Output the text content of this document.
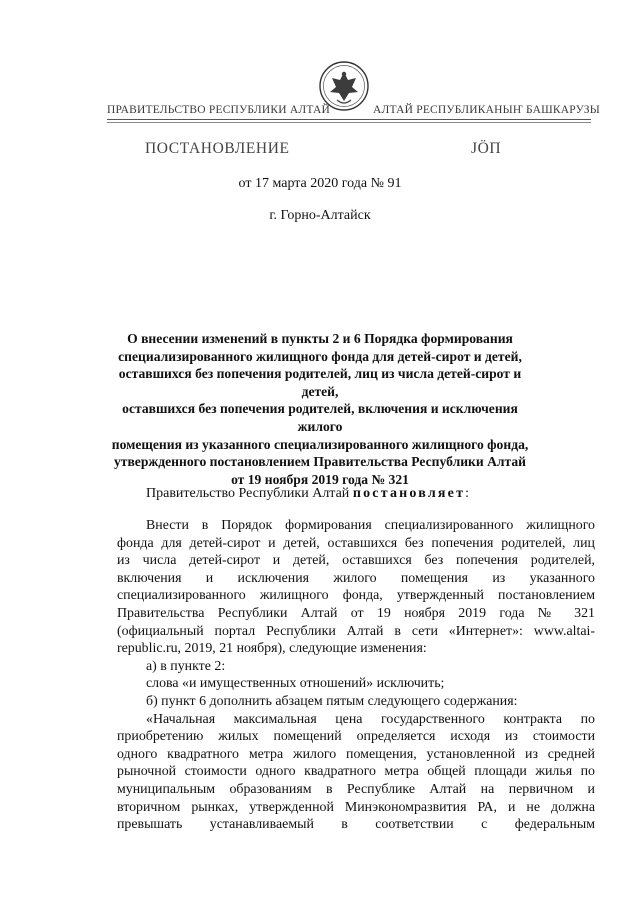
ПРАВИТЕЛЬСТВО РЕСПУБЛИКИ АЛТАЙ	АЛТАЙ РЕСПУБЛИКАНЫҤ БАШКАРУЗЫ
ПОСТАНОВЛЕНИЕ	ЈӦП
от 17 марта 2020 года № 91
г. Горно-Алтайск
О внесении изменений в пункты 2 и 6 Порядка формирования
специализированного жилищного фонда для детей-сирот и детей,
оставшихся без попечения родителей, лиц из числа детей-сирот и детей,
оставшихся без попечения родителей, включения и исключения жилого
помещения из указанного специализированного жилищного фонда,
утвержденного постановлением Правительства Республики Алтай
от 19 ноября 2019 года № 321
Правительство Республики Алтай постановляет:

Внести в Порядок формирования специализированного жилищного

фонда для детей-сирот и детей, оставшихся без попечения родителей, лиц

из числа детей-сирот и детей, оставшихся без попечения родителей,

включения и исключения жилого помещения из указанного

специализированного жилищного фонда, утвержденный постановлением

Правительства Республики Алтай от 19 ноября 2019 года № 321

(официальный портал Республики Алтай в сети «Интернет»: www.altai-

republic.ru, 2019, 21 ноября), следующие изменения:

а) в пункте 2:

слова «и имущественных отношений» исключить;

б) пункт 6 дополнить абзацем пятым следующего содержания:

«Начальная максимальная цена государственного контракта по

приобретению жилых помещений определяется исходя из стоимости

одного квадратного метра жилого помещения, установленной из средней

рыночной стоимости одного квадратного метра общей площади жилья по

муниципальным образованиям в Республике Алтай на первичном и

вторичном рынках, утвержденной Минэкономразвития РА, и не должна

превышать устанавливаемый в соответствии с федеральным
